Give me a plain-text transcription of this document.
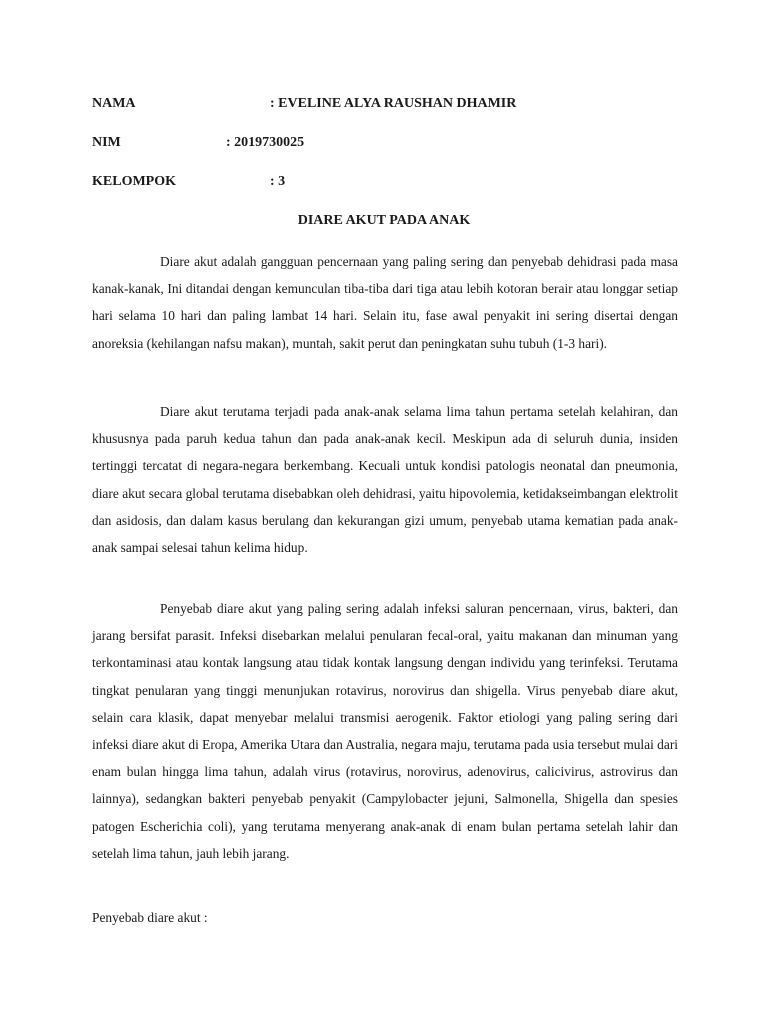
NAMA	: EVELINE ALYA RAUSHAN DHAMIR
NIM	: 2019730025
KELOMPOK	: 3
DIARE AKUT PADA ANAK

Diare akut adalah gangguan pencernaan yang paling sering dan penyebab dehidrasi pada masa kanak-kanak, Ini ditandai dengan kemunculan tiba-tiba dari tiga atau lebih kotoran berair atau longgar setiap hari selama 10 hari dan paling lambat 14 hari. Selain itu, fase awal penyakit ini sering disertai dengan anoreksia (kehilangan nafsu makan), muntah, sakit perut dan peningkatan suhu tubuh (1-3 hari).

Diare akut terutama terjadi pada anak-anak selama lima tahun pertama setelah kelahiran, dan khususnya pada paruh kedua tahun dan pada anak-anak kecil. Meskipun ada di seluruh dunia, insiden tertinggi tercatat di negara-negara berkembang. Kecuali untuk kondisi patologis neonatal dan pneumonia, diare akut secara global terutama disebabkan oleh dehidrasi, yaitu hipovolemia, ketidakseimbangan elektrolit dan asidosis, dan dalam kasus berulang dan kekurangan gizi umum, penyebab utama kematian pada anak-anak sampai selesai tahun kelima hidup.

Penyebab diare akut yang paling sering adalah infeksi saluran pencernaan, virus, bakteri, dan jarang bersifat parasit. Infeksi disebarkan melalui penularan fecal-oral, yaitu makanan dan minuman yang terkontaminasi atau kontak langsung atau tidak kontak langsung dengan individu yang terinfeksi. Terutama tingkat penularan yang tinggi menunjukan rotavirus, norovirus dan shigella. Virus penyebab diare akut, selain cara klasik, dapat menyebar melalui transmisi aerogenik. Faktor etiologi yang paling sering dari infeksi diare akut di Eropa, Amerika Utara dan Australia, negara maju, terutama pada usia tersebut mulai dari enam bulan hingga lima tahun, adalah virus (rotavirus, norovirus, adenovirus, calicivirus, astrovirus dan lainnya), sedangkan bakteri penyebab penyakit (Campylobacter jejuni, Salmonella, Shigella dan spesies patogen Escherichia coli), yang terutama menyerang anak-anak di enam bulan pertama setelah lahir dan setelah lima tahun, jauh lebih jarang.

Penyebab diare akut :
